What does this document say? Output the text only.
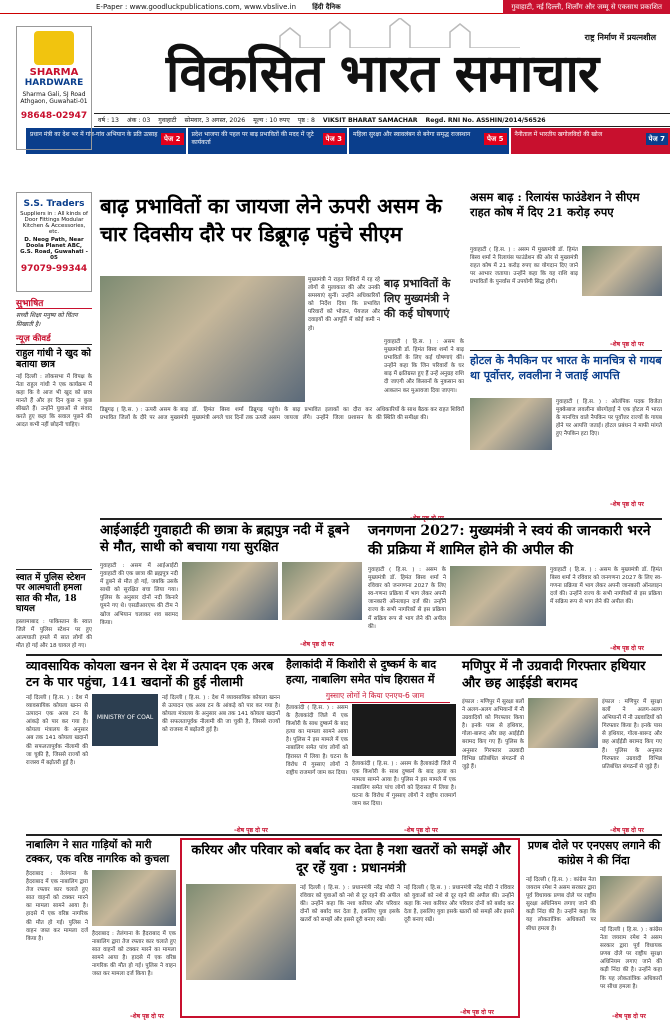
E-Paper : www.goodluckpublications.com, www.vbslive.in हिंदी दैनिक	गुवाहाटी, नई दिल्ली, शिलाँग और जम्मू से एकसाथ प्रकाशित
राष्ट्र निर्माण में प्रयत्नशील
विकसित भारत समाचार
वर्ष : 13 अंक : 03 गुवाहाटी सोमवार, 3 अगस्त, 2026 मूल्य : 10 रुपए पृष्ठ : 8 VIKSIT BHARAT SAMACHAR Regd. RNI No. ASSHIN/2014/56526
प्रधान मंत्री का देश भर में गांव-गांव अभियान के प्रति उत्साह
पेज 2
प्रदेश भाजपा की पहल पर बाढ़ प्रभावितों की मदद में जुटे कार्यकर्ता	पेज 3
महिला सुरक्षा और स्वावलंबन से बनेगा समृद्ध राजस्थान
पेज 5
नैनीताल में भारतीय खगोलविदों की खोज
पेज 7
SHARMA
HARDWARE
Sharma Gali, SJ Road Athgaon, Guwahati-01
98648-02947
S.S. Traders
Suppliers in : All kinds of Door Fittings Modular Kitchen & Accessories, etc.
D. Neog Path, Near Doola Planet ABC, G.S. Road, Guwahati - 05
97079-99344
सुभाषित
सच्ची शिक्षा मनुष्य को चिंतन सिखाती है।
न्यूज़ कीवर्ड
राहुल गांधी ने खुद को बताया छात्र
नई दिल्ली : लोकसभा में विपक्ष के नेता राहुल गांधी ने एक कार्यक्रम में कहा कि वे आज भी खुद को छात्र मानते हैं और हर दिन कुछ न कुछ सीखते हैं। उन्होंने युवाओं से संवाद करते हुए कहा कि सवाल पूछने की आदत कभी नहीं छोड़नी चाहिए।
स्वात में पुलिस स्टेशन पर आत्मघाती हमला सात की मौत, 18 घायल
इस्लामाबाद : पाकिस्तान के स्वात जिले में पुलिस स्टेशन पर हुए आत्मघाती हमले में सात लोगों की मौत हो गई और 18 घायल हो गए।
बाढ़ प्रभावितों का जायजा लेने ऊपरी असम के चार दिवसीय दौरे पर डिब्रूगढ़ पहुंचे सीएम
मुख्यमंत्री ने राहत शिविरों में रह रहे लोगों से मुलाकात की और उनकी समस्याएं सुनीं। उन्होंने अधिकारियों को निर्देश दिया कि प्रभावित परिवारों को भोजन, पेयजल और दवाइयों की आपूर्ति में कोई कमी न हो।
बाढ़ प्रभावितों के लिए मुख्यमंत्री ने की कई घोषणाएं
गुवाहाटी ( हि.स. ) : असम के मुख्यमंत्री डॉ. हिमंत बिस्व शर्मा ने बाढ़ प्रभावितों के लिए कई घोषणाएं कीं। उन्होंने कहा कि जिन परिवारों के घर बाढ़ में क्षतिग्रस्त हुए हैं उन्हें अनुग्रह राशि दी जाएगी और किसानों के नुकसान का आकलन कर मुआवजा दिया जाएगा।
डिब्रूगढ़ ( हि.स. ) : ऊपरी असम के बाढ़ प्रभावित जिलों के दौरे पर आज मुख्यमंत्री डॉ. हिमंत बिस्व शर्मा डिब्रूगढ़ पहुंचे। मुख्यमंत्री अगले चार दिनों तक ऊपरी असम के बाढ़ प्रभावित इलाकों का दौरा कर जायजा लेंगे। उन्होंने जिला प्रशासन के अधिकारियों के साथ बैठक कर राहत शिविरों की स्थिति की समीक्षा की।
असम बाढ़ : रिलायंस फाउंडेशन ने सीएम राहत कोष में दिए 21 करोड़ रुपए
गुवाहाटी ( हि.स. ) : असम में मुख्यमंत्री डॉ. हिमंत बिस्व शर्मा ने रिलायंस फाउंडेशन की ओर से मुख्यमंत्री राहत कोष में 21 करोड़ रुपए का योगदान दिए जाने पर आभार जताया। उन्होंने कहा कि यह राशि बाढ़ प्रभावितों के पुनर्वास में उपयोगी सिद्ध होगी।
-शेष पृष्ठ दो पर
होटल के नैपकिन पर भारत के मानचित्र से गायब था पूर्वोत्तर, लवलीना ने जताई आपत्ति
गुवाहाटी ( हि.स. ) : ओलंपिक पदक विजेता मुक्केबाज लवलीना बोरगोहाईं ने एक होटल में भारत के मानचित्र वाले नैपकिन पर पूर्वोत्तर राज्यों के गायब होने पर आपत्ति जताई। होटल प्रबंधन ने माफी मांगते हुए नैपकिन हटा दिए।
-शेष पृष्ठ दो पर
आईआईटी गुवाहाटी की छात्रा के ब्रह्मपुत्र नदी में डूबने से मौत, साथी को बचाया गया सुरक्षित
गुवाहाटी : असम में आईआईटी गुवाहाटी की एक छात्रा की ब्रह्मपुत्र नदी में डूबने से मौत हो गई, जबकि उसके साथी को सुरक्षित बचा लिया गया। पुलिस के अनुसार दोनों नदी किनारे घूमने गए थे। एसडीआरएफ की टीम ने खोज अभियान चलाकर शव बरामद किया।
-शेष पृष्ठ दो पर
जनगणना 2027: मुख्यमंत्री ने स्वयं की जानकारी भरने की प्रक्रिया में शामिल होने की अपील की
गुवाहाटी ( हि.स. ) : असम के मुख्यमंत्री डॉ. हिमंत बिस्व शर्मा ने रविवार को जनगणना 2027 के लिए स्व-गणना प्रक्रिया में भाग लेकर अपनी जानकारी ऑनलाइन दर्ज की। उन्होंने राज्य के सभी नागरिकों से इस प्रक्रिया में सक्रिय रूप से भाग लेने की अपील की।
गुवाहाटी ( हि.स. ) : असम के मुख्यमंत्री डॉ. हिमंत बिस्व शर्मा ने रविवार को जनगणना 2027 के लिए स्व-गणना प्रक्रिया में भाग लेकर अपनी जानकारी ऑनलाइन दर्ज की। उन्होंने राज्य के सभी नागरिकों से इस प्रक्रिया में सक्रिय रूप से भाग लेने की अपील की।
-शेष पृष्ठ दो पर
व्यावसायिक कोयला खनन से देश में उत्पादन एक अरब टन के पार पहुंचा, 141 खदानों की हुई नीलामी
नई दिल्ली ( हि.स. ) : देश में व्यावसायिक कोयला खनन से उत्पादन एक अरब टन के आंकड़े को पार कर गया है। कोयला मंत्रालय के अनुसार अब तक 141 कोयला खदानों की सफलतापूर्वक नीलामी की जा चुकी है, जिससे राज्यों को राजस्व में बढ़ोतरी हुई है।
MINISTRY OF COAL
नई दिल्ली ( हि.स. ) : देश में व्यावसायिक कोयला खनन से उत्पादन एक अरब टन के आंकड़े को पार कर गया है। कोयला मंत्रालय के अनुसार अब तक 141 कोयला खदानों की सफलतापूर्वक नीलामी की जा चुकी है, जिससे राज्यों को राजस्व में बढ़ोतरी हुई है।
-शेष पृष्ठ दो पर
हैलाकांदी में किशोरी से दुष्कर्म के बाद हत्या, नाबालिग समेत पांच हिरासत में
गुस्साए लोगों ने किया एनएच-6 जाम
हैलाकांदी ( हि.स. ) : असम के हैलाकांदी जिले में एक किशोरी के साथ दुष्कर्म के बाद हत्या का मामला सामने आया है। पुलिस ने इस मामले में एक नाबालिग समेत पांच लोगों को हिरासत में लिया है। घटना के विरोध में गुस्साए लोगों ने राष्ट्रीय राजमार्ग जाम कर दिया।
हैलाकांदी ( हि.स. ) : असम के हैलाकांदी जिले में एक किशोरी के साथ दुष्कर्म के बाद हत्या का मामला सामने आया है। पुलिस ने इस मामले में एक नाबालिग समेत पांच लोगों को हिरासत में लिया है। घटना के विरोध में गुस्साए लोगों ने राष्ट्रीय राजमार्ग जाम कर दिया।
-शेष पृष्ठ दो पर
मणिपुर में नौ उग्रवादी गिरफ्तार हथियार और छह आईईडी बरामद
इंफाल : मणिपुर में सुरक्षा बलों ने अलग-अलग अभियानों में नौ उग्रवादियों को गिरफ्तार किया है। इनके पास से हथियार, गोला-बारूद और छह आईईडी बरामद किए गए हैं। पुलिस के अनुसार गिरफ्तार उग्रवादी विभिन्न प्रतिबंधित संगठनों से जुड़े हैं।
इंफाल : मणिपुर में सुरक्षा बलों ने अलग-अलग अभियानों में नौ उग्रवादियों को गिरफ्तार किया है। इनके पास से हथियार, गोला-बारूद और छह आईईडी बरामद किए गए हैं। पुलिस के अनुसार गिरफ्तार उग्रवादी विभिन्न प्रतिबंधित संगठनों से जुड़े हैं।
-शेष पृष्ठ दो पर
नाबालिग ने सात गाड़ियों को मारी टक्कर, एक वरिष्ठ नागरिक को कुचला
हैदराबाद : तेलंगाना के हैदराबाद में एक नाबालिग द्वारा तेज रफ्तार कार चलाते हुए सात वाहनों को टक्कर मारने का मामला सामने आया है। हादसे में एक वरिष्ठ नागरिक की मौत हो गई। पुलिस ने वाहन जब्त कर मामला दर्ज किया है।
हैदराबाद : तेलंगाना के हैदराबाद में एक नाबालिग द्वारा तेज रफ्तार कार चलाते हुए सात वाहनों को टक्कर मारने का मामला सामने आया है। हादसे में एक वरिष्ठ नागरिक की मौत हो गई। पुलिस ने वाहन जब्त कर मामला दर्ज किया है।
-शेष पृष्ठ दो पर
करियर और परिवार को बर्बाद कर देता है नशा खतरों को समझें और दूर रहें युवा : प्रधानमंत्री
नई दिल्ली ( हि.स. ) : प्रधानमंत्री नरेंद्र मोदी ने रविवार को युवाओं को नशे से दूर रहने की अपील की। उन्होंने कहा कि नशा करियर और परिवार दोनों को बर्बाद कर देता है, इसलिए युवा इसके खतरों को समझें और इससे दूरी बनाए रखें।
नई दिल्ली ( हि.स. ) : प्रधानमंत्री नरेंद्र मोदी ने रविवार को युवाओं को नशे से दूर रहने की अपील की। उन्होंने कहा कि नशा करियर और परिवार दोनों को बर्बाद कर देता है, इसलिए युवा इसके खतरों को समझें और इससे दूरी बनाए रखें।
-शेष पृष्ठ दो पर
प्रणब दोले पर एनएसए लगाने की कांग्रेस ने की निंदा
नई दिल्ली ( हि.स. ) : कांग्रेस नेता जयराम रमेश ने असम सरकार द्वारा पूर्व विधायक प्रणब दोले पर राष्ट्रीय सुरक्षा अधिनियम लगाए जाने की कड़ी निंदा की है। उन्होंने कहा कि यह लोकतांत्रिक अधिकारों पर सीधा हमला है।	नई दिल्ली ( हि.स. ) : कांग्रेस नेता जयराम रमेश ने असम सरकार द्वारा पूर्व विधायक प्रणब दोले पर राष्ट्रीय सुरक्षा अधिनियम लगाए जाने की कड़ी निंदा की है। उन्होंने कहा कि यह लोकतांत्रिक अधिकारों पर सीधा हमला है।
-शेष पृष्ठ दो पर
